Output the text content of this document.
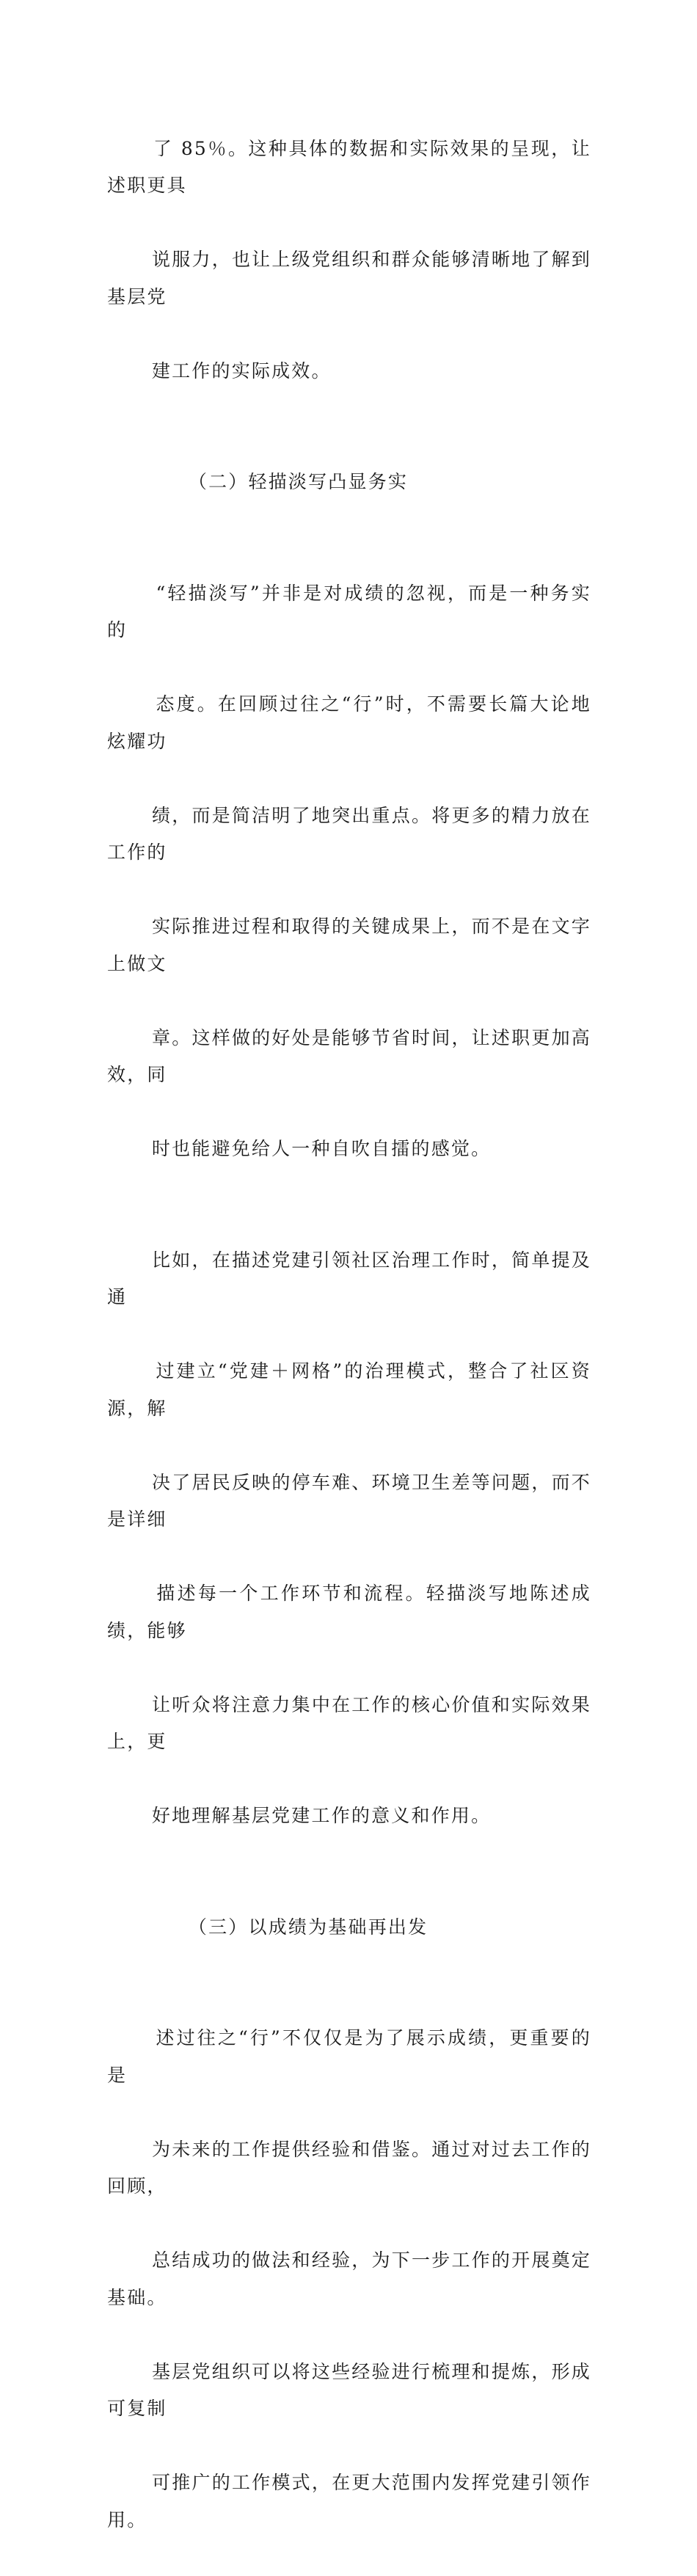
了 85％。这种具体的数据和实际效果的呈现，让述职更具

说服力，也让上级党组织和群众能够清晰地了解到基层党

建工作的实际成效。

（二）轻描淡写凸显务实

“轻描淡写”并非是对成绩的忽视，而是一种务实的

态度。在回顾过往之“行”时，不需要长篇大论地炫耀功

绩，而是简洁明了地突出重点。将更多的精力放在工作的

实际推进过程和取得的关键成果上，而不是在文字上做文

章。这样做的好处是能够节省时间，让述职更加高效，同

时也能避免给人一种自吹自擂的感觉。

比如，在描述党建引领社区治理工作时，简单提及通

过建立“党建＋网格”的治理模式，整合了社区资源，解

决了居民反映的停车难、环境卫生差等问题，而不是详细

描述每一个工作环节和流程。轻描淡写地陈述成绩，能够

让听众将注意力集中在工作的核心价值和实际效果上，更

好地理解基层党建工作的意义和作用。

（三）以成绩为基础再出发

述过往之“行”不仅仅是为了展示成绩，更重要的是

为未来的工作提供经验和借鉴。通过对过去工作的回顾，

总结成功的做法和经验，为下一步工作的开展奠定基础。

基层党组织可以将这些经验进行梳理和提炼，形成可复制

可推广的工作模式，在更大范围内发挥党建引领作用。
